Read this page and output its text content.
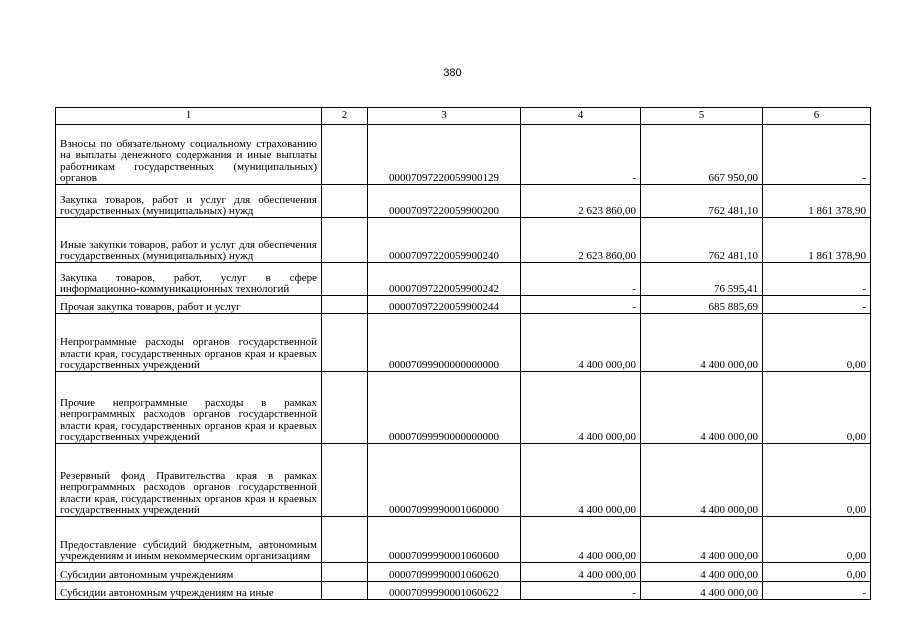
380
1	2	3	4	5	6
Взносы по обязательному социальному страхованию на выплаты денежного содержания и иные выплаты работникам государственных (муниципальных) органов		00007097220059900129	-	667 950,00	-
Закупка товаров, работ и услуг для обеспечения государственных (муниципальных) нужд		00007097220059900200	2 623 860,00	762 481,10	1 861 378,90
Иные закупки товаров, работ и услуг для обеспечения государственных (муниципальных) нужд		00007097220059900240	2 623 860,00	762 481,10	1 861 378,90
Закупка товаров, работ, услуг в сфере информационно-коммуникационных технологий		00007097220059900242	-	76 595,41	-
Прочая закупка товаров, работ и услуг		00007097220059900244	-	685 885,69	-
Непрограммные расходы органов государственной власти края, государственных органов края и краевых государственных учреждений		00007099900000000000	4 400 000,00	4 400 000,00	0,00
Прочие непрограммные расходы в рамках непрограммных расходов органов государственной власти края, государственных органов края и краевых государственных учреждений		00007099990000000000	4 400 000,00	4 400 000,00	0,00
Резервный фонд Правительства края в рамках непрограммных расходов органов государственной власти края, государственных органов края и краевых государственных учреждений		00007099990001060000	4 400 000,00	4 400 000,00	0,00
Предоставление субсидий бюджетным, автономным учреждениям и иным некоммерческим организациям		00007099990001060600	4 400 000,00	4 400 000,00	0,00
Субсидии автономным учреждениям		00007099990001060620	4 400 000,00	4 400 000,00	0,00
Субсидии автономным учреждениям на иные		00007099990001060622	-	4 400 000,00	-
